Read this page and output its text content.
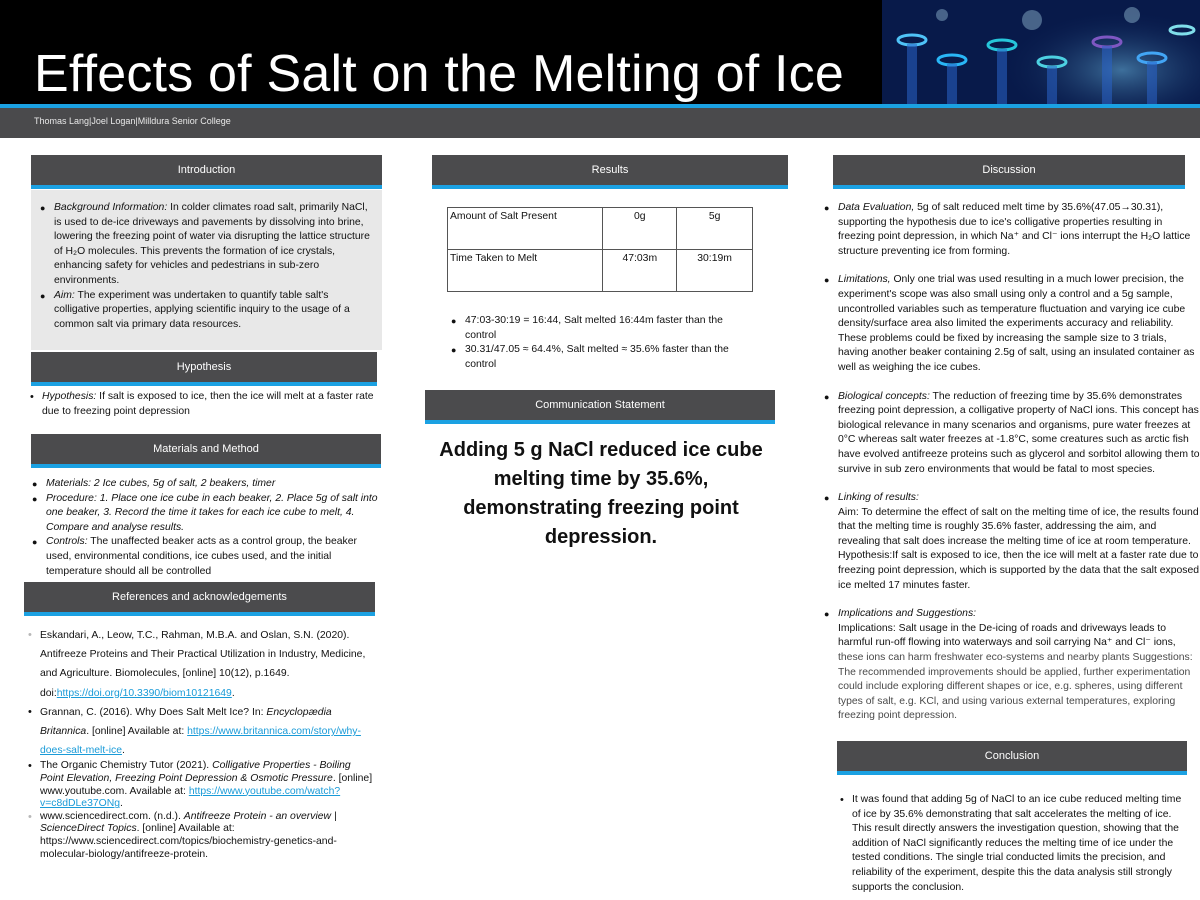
Effects of Salt on the Melting of Ice
Thomas Lang|Joel Logan|Milldura Senior College
Introduction
● Background Information: In colder climates road salt, primarily NaCl, is used to de-ice driveways and pavements by dissolving into brine, lowering the freezing point of water via disrupting the lattice structure of H₂O molecules. This prevents the formation of ice crystals, enhancing safety for vehicles and pedestrians in sub-zero environments.
● Aim: The experiment was undertaken to quantify table salt's colligative properties, applying scientific inquiry to the usage of a common salt via primary data resources.
Hypothesis
• Hypothesis: If salt is exposed to ice, then the ice will melt at a faster rate due to freezing point depression
Materials and Method
● Materials: 2 Ice cubes, 5g of salt, 2 beakers, timer
● Procedure: 1. Place one ice cube in each beaker, 2. Place 5g of salt into one beaker, 3. Record the time it takes for each ice cube to melt, 4. Compare and analyse results.
● Controls: The unaffected beaker acts as a control group, the beaker used, environmental conditions, ice cubes used, and the initial temperature should all be controlled
References and acknowledgements
• Eskandari, A., Leow, T.C., Rahman, M.B.A. and Oslan, S.N. (2020). Antifreeze Proteins and Their Practical Utilization in Industry, Medicine, and Agriculture. Biomolecules, [online] 10(12), p.1649. doi:https://doi.org/10.3390/biom10121649.
• Grannan, C. (2016). Why Does Salt Melt Ice? In: Encyclopædia Britannica. [online] Available at: https://www.britannica.com/story/why-does-salt-melt-ice.
• The Organic Chemistry Tutor (2021). Colligative Properties - Boiling Point Elevation, Freezing Point Depression & Osmotic Pressure. [online] www.youtube.com. Available at: https://www.youtube.com/watch?v=c8dDLe37ONg.
• www.sciencedirect.com. (n.d.). Antifreeze Protein - an overview | ScienceDirect Topics. [online] Available at: https://www.sciencedirect.com/topics/biochemistry-genetics-and-molecular-biology/antifreeze-protein.
Results
Amount of Salt Present	0g	5g
Time Taken to Melt	47:03m	30:19m
● 47:03-30:19 = 16:44, Salt melted 16:44m faster than the control
● 30.31/47.05 ≈ 64.4%, Salt melted ≈ 35.6% faster than the control
Communication Statement
Adding 5 g NaCl reduced ice cube melting time by 35.6%, demonstrating freezing point depression.
Discussion
● Data Evaluation, 5g of salt reduced melt time by 35.6%(47.05→30.31), supporting the hypothesis due to ice's colligative properties resulting in freezing point depression, in which Na⁺ and Cl⁻ ions interrupt the H₂O lattice structure preventing ice from forming.
● Limitations, Only one trial was used resulting in a much lower precision, the experiment's scope was also small using only a control and a 5g sample, uncontrolled variables such as temperature fluctuation and varying ice cube density/surface area also limited the experiments accuracy and reliability. These problems could be fixed by increasing the sample size to 3 trials, having another beaker containing 2.5g of salt, using an insulated container as well as weighing the ice cubes.
● Biological concepts: The reduction of freezing time by 35.6% demonstrates freezing point depression, a colligative property of NaCl ions. This concept has biological relevance in many scenarios and organisms, pure water freezes at 0°C whereas salt water freezes at -1.8°C, some creatures such as arctic fish have evolved antifreeze proteins such as glycerol and sorbitol allowing them to survive in sub zero environments that would be fatal to most species.
● Linking of results:
Aim: To determine the effect of salt on the melting time of ice, the results found that the melting time is roughly 35.6% faster, addressing the aim, and revealing that salt does increase the melting time of ice at room temperature. Hypothesis:If salt is exposed to ice, then the ice will melt at a faster rate due to freezing point depression, which is supported by the data that the salt exposed ice melted 17 minutes faster.
● Implications and Suggestions:
Implications: Salt usage in the De-icing of roads and driveways leads to harmful run-off flowing into waterways and soil carrying Na⁺ and Cl⁻ ions, these ions can harm freshwater eco-systems and nearby plants Suggestions: The recommended improvements should be applied, further experimentation could include exploring different shapes or ice, e.g. spheres, using different types of salt, e.g. KCl, and using various external temperatures, exploring freezing point depression.
Conclusion
• It was found that adding 5g of NaCl to an ice cube reduced melting time of ice by 35.6% demonstrating that salt accelerates the melting of ice. This result directly answers the investigation question, showing that the addition of NaCl significantly reduces the melting time of ice under the tested conditions. The single trial conducted limits the precision, and reliability of the experiment, despite this the data analysis still strongly supports the conclusion.
